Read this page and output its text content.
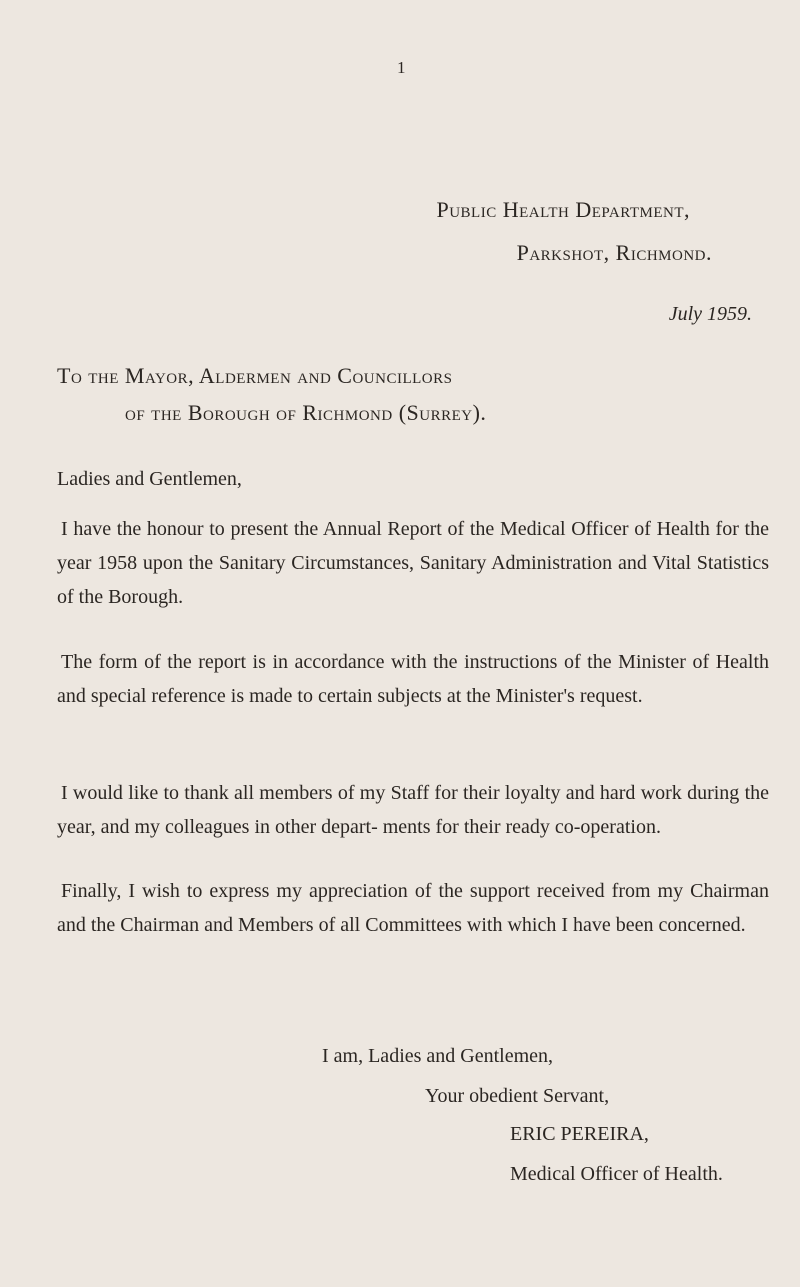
1
Public Health Department,
Parkshot, Richmond.
July 1959.
To the Mayor, Aldermen and Councillors
of the Borough of Richmond (Surrey).
Ladies and Gentlemen,

I have the honour to present the Annual Report of the Medical Officer of Health for the year 1958 upon the Sanitary Circumstances, Sanitary Administration and Vital Statistics of the Borough.

The form of the report is in accordance with the instructions of the Minister of Health and special reference is made to certain subjects at the Minister's request.

I would like to thank all members of my Staff for their loyalty and hard work during the year, and my colleagues in other depart- ments for their ready co-operation.

Finally, I wish to express my appreciation of the support received from my Chairman and the Chairman and Members of all Committees with which I have been concerned.

I am, Ladies and Gentlemen,
Your obedient Servant,
ERIC PEREIRA,
Medical Officer of Health.
